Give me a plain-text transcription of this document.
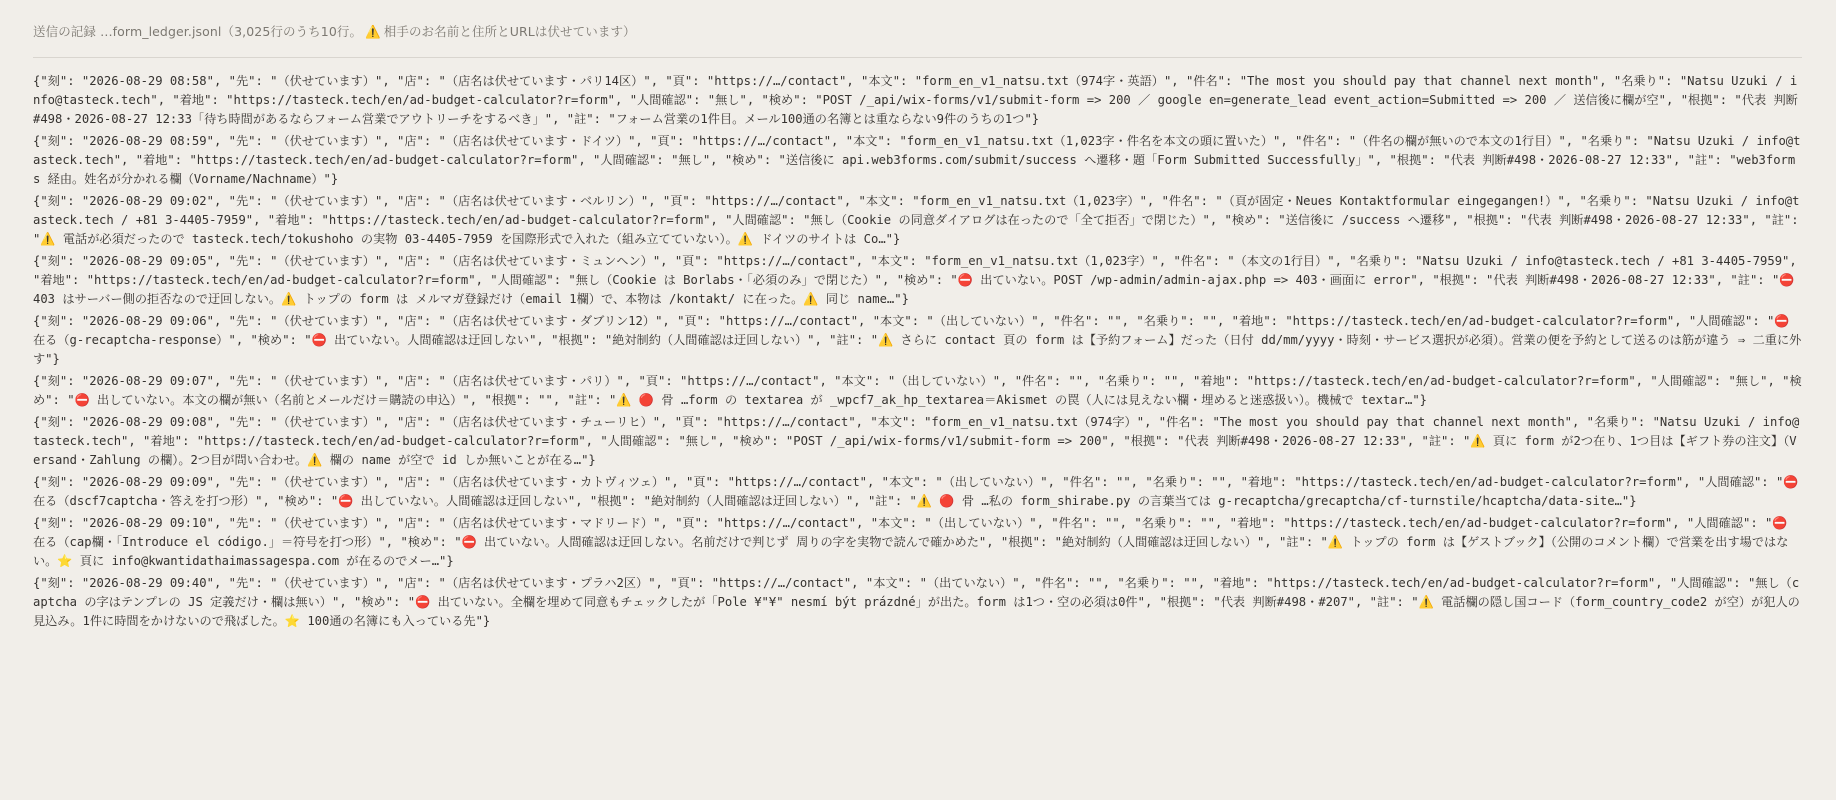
送信の記録 …form_ledger.jsonl（3,025行のうち10行。 ⚠️ 相手のお名前と住所とURLは伏せています）
{"刻": "2026-08-29 08:58", "先": "（伏せています）", "店": "（店名は伏せています・パリ14区）", "頁": "https://…/contact", "本文": "form_en_v1_natsu.txt（974字・英語）", "件名": "The most you should pay that channel next month", "名乗り": "Natsu Uzuki / info@tasteck.tech", "着地": "https://tasteck.tech/en/ad-budget-calculator?r=form", "人間確認": "無し", "検め": "POST /_api/wix-forms/v1/submit-form => 200 ／ google en=generate_lead event_action=Submitted => 200 ／ 送信後に欄が空", "根拠": "代表 判断#498・2026-08-27 12:33「待ち時間があるならフォーム営業でアウトリーチをするべき」", "註": "フォーム営業の1件目。メール100通の名簿とは重ならない9件のうちの1つ"}
{"刻": "2026-08-29 08:59", "先": "（伏せています）", "店": "（店名は伏せています・ドイツ）", "頁": "https://…/contact", "本文": "form_en_v1_natsu.txt（1,023字・件名を本文の頭に置いた）", "件名": "（件名の欄が無いので本文の1行目）", "名乗り": "Natsu Uzuki / info@tasteck.tech", "着地": "https://tasteck.tech/en/ad-budget-calculator?r=form", "人間確認": "無し", "検め": "送信後に api.web3forms.com/submit/success へ遷移・題「Form Submitted Successfully」", "根拠": "代表 判断#498・2026-08-27 12:33", "註": "web3forms 経由。姓名が分かれる欄（Vorname/Nachname）"}
{"刻": "2026-08-29 09:02", "先": "（伏せています）", "店": "（店名は伏せています・ベルリン）", "頁": "https://…/contact", "本文": "form_en_v1_natsu.txt（1,023字）", "件名": "（頁が固定・Neues Kontaktformular eingegangen!）", "名乗り": "Natsu Uzuki / info@tasteck.tech / +81 3-4405-7959", "着地": "https://tasteck.tech/en/ad-budget-calculator?r=form", "人間確認": "無し（Cookie の同意ダイアログは在ったので「全て拒否」で閉じた）", "検め": "送信後に /success へ遷移", "根拠": "代表 判断#498・2026-08-27 12:33", "註": "⚠️ 電話が必須だったので tasteck.tech/tokushoho の実物 03-4405-7959 を国際形式で入れた（組み立てていない）。⚠️ ドイツのサイトは Co…"}
{"刻": "2026-08-29 09:05", "先": "（伏せています）", "店": "（店名は伏せています・ミュンヘン）", "頁": "https://…/contact", "本文": "form_en_v1_natsu.txt（1,023字）", "件名": "（本文の1行目）", "名乗り": "Natsu Uzuki / info@tasteck.tech / +81 3-4405-7959", "着地": "https://tasteck.tech/en/ad-budget-calculator?r=form", "人間確認": "無し（Cookie は Borlabs・「必須のみ」で閉じた）", "検め": "⛔ 出ていない。POST /wp-admin/admin-ajax.php => 403・画面に error", "根拠": "代表 判断#498・2026-08-27 12:33", "註": "⛔ 403 はサーバー側の拒否なので迂回しない。⚠️ トップの form は メルマガ登録だけ（email 1欄）で、本物は /kontakt/ に在った。⚠️ 同じ name…"}
{"刻": "2026-08-29 09:06", "先": "（伏せています）", "店": "（店名は伏せています・ダブリン12）", "頁": "https://…/contact", "本文": "（出していない）", "件名": "", "名乗り": "", "着地": "https://tasteck.tech/en/ad-budget-calculator?r=form", "人間確認": "⛔ 在る（g-recaptcha-response）", "検め": "⛔ 出ていない。人間確認は迂回しない", "根拠": "絶対制約（人間確認は迂回しない）", "註": "⚠️ さらに contact 頁の form は【予約フォーム】だった（日付 dd/mm/yyyy・時刻・サービス選択が必須）。営業の便を予約として送るのは筋が違う ⇒ 二重に外す"}
{"刻": "2026-08-29 09:07", "先": "（伏せています）", "店": "（店名は伏せています・パリ）", "頁": "https://…/contact", "本文": "（出していない）", "件名": "", "名乗り": "", "着地": "https://tasteck.tech/en/ad-budget-calculator?r=form", "人間確認": "無し", "検め": "⛔ 出していない。本文の欄が無い（名前とメールだけ＝購読の申込）", "根拠": "", "註": "⚠️ 🔴 骨 …form の textarea が _wpcf7_ak_hp_textarea＝Akismet の罠（人には見えない欄・埋めると迷惑扱い）。機械で textar…"}
{"刻": "2026-08-29 09:08", "先": "（伏せています）", "店": "（店名は伏せています・チューリヒ）", "頁": "https://…/contact", "本文": "form_en_v1_natsu.txt（974字）", "件名": "The most you should pay that channel next month", "名乗り": "Natsu Uzuki / info@tasteck.tech", "着地": "https://tasteck.tech/en/ad-budget-calculator?r=form", "人間確認": "無し", "検め": "POST /_api/wix-forms/v1/submit-form => 200", "根拠": "代表 判断#498・2026-08-27 12:33", "註": "⚠️ 頁に form が2つ在り、1つ目は【ギフト券の注文】（Versand・Zahlung の欄）。2つ目が問い合わせ。⚠️ 欄の name が空で id しか無いことが在る…"}
{"刻": "2026-08-29 09:09", "先": "（伏せています）", "店": "（店名は伏せています・カトヴィツェ）", "頁": "https://…/contact", "本文": "（出していない）", "件名": "", "名乗り": "", "着地": "https://tasteck.tech/en/ad-budget-calculator?r=form", "人間確認": "⛔ 在る（dscf7captcha・答えを打つ形）", "検め": "⛔ 出していない。人間確認は迂回しない", "根拠": "絶対制約（人間確認は迂回しない）", "註": "⚠️ 🔴 骨 …私の form_shirabe.py の言葉当ては g-recaptcha/grecaptcha/cf-turnstile/hcaptcha/data-site…"}
{"刻": "2026-08-29 09:10", "先": "（伏せています）", "店": "（店名は伏せています・マドリード）", "頁": "https://…/contact", "本文": "（出していない）", "件名": "", "名乗り": "", "着地": "https://tasteck.tech/en/ad-budget-calculator?r=form", "人間確認": "⛔ 在る（cap欄・「Introduce el código.」＝符号を打つ形）", "検め": "⛔ 出ていない。人間確認は迂回しない。名前だけで判じず 周りの字を実物で読んで確かめた", "根拠": "絶対制約（人間確認は迂回しない）", "註": "⚠️ トップの form は【ゲストブック】（公開のコメント欄）で営業を出す場ではない。⭐ 頁に info@kwantidathaimassagespa.com が在るのでメー…"}
{"刻": "2026-08-29 09:40", "先": "（伏せています）", "店": "（店名は伏せています・プラハ2区）", "頁": "https://…/contact", "本文": "（出ていない）", "件名": "", "名乗り": "", "着地": "https://tasteck.tech/en/ad-budget-calculator?r=form", "人間確認": "無し（captcha の字はテンプレの JS 定義だけ・欄は無い）", "検め": "⛔ 出ていない。全欄を埋めて同意もチェックしたが「Pole ¥"¥" nesmí být prázdné」が出た。form は1つ・空の必須は0件", "根拠": "代表 判断#498・#207", "註": "⚠️ 電話欄の隠し国コード（form_country_code2 が空）が犯人の見込み。1件に時間をかけないので飛ばした。⭐ 100通の名簿にも入っている先"}
